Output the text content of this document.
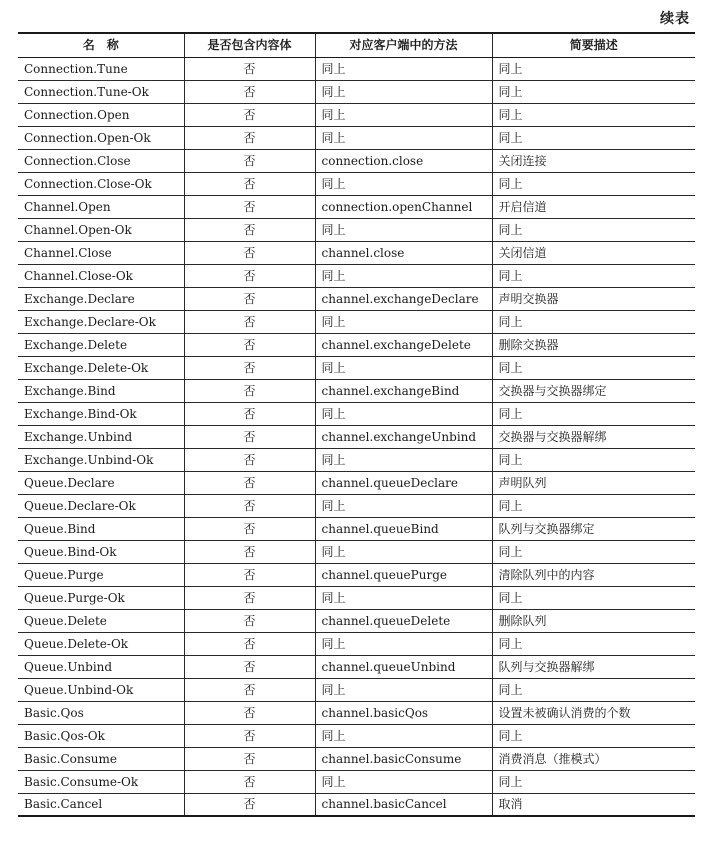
续表
名　称	是否包含内容体	对应客户端中的方法	简要描述
Connection.Tune	否	同上	同上
Connection.Tune-Ok	否	同上	同上
Connection.Open	否	同上	同上
Connection.Open-Ok	否	同上	同上
Connection.Close	否	connection.close	关闭连接
Connection.Close-Ok	否	同上	同上
Channel.Open	否	connection.openChannel	开启信道
Channel.Open-Ok	否	同上	同上
Channel.Close	否	channel.close	关闭信道
Channel.Close-Ok	否	同上	同上
Exchange.Declare	否	channel.exchangeDeclare	声明交换器
Exchange.Declare-Ok	否	同上	同上
Exchange.Delete	否	channel.exchangeDelete	删除交换器
Exchange.Delete-Ok	否	同上	同上
Exchange.Bind	否	channel.exchangeBind	交换器与交换器绑定
Exchange.Bind-Ok	否	同上	同上
Exchange.Unbind	否	channel.exchangeUnbind	交换器与交换器解绑
Exchange.Unbind-Ok	否	同上	同上
Queue.Declare	否	channel.queueDeclare	声明队列
Queue.Declare-Ok	否	同上	同上
Queue.Bind	否	channel.queueBind	队列与交换器绑定
Queue.Bind-Ok	否	同上	同上
Queue.Purge	否	channel.queuePurge	清除队列中的内容
Queue.Purge-Ok	否	同上	同上
Queue.Delete	否	channel.queueDelete	删除队列
Queue.Delete-Ok	否	同上	同上
Queue.Unbind	否	channel.queueUnbind	队列与交换器解绑
Queue.Unbind-Ok	否	同上	同上
Basic.Qos	否	channel.basicQos	设置未被确认消费的个数
Basic.Qos-Ok	否	同上	同上
Basic.Consume	否	channel.basicConsume	消费消息（推模式）
Basic.Consume-Ok	否	同上	同上
Basic.Cancel	否	channel.basicCancel	取消
